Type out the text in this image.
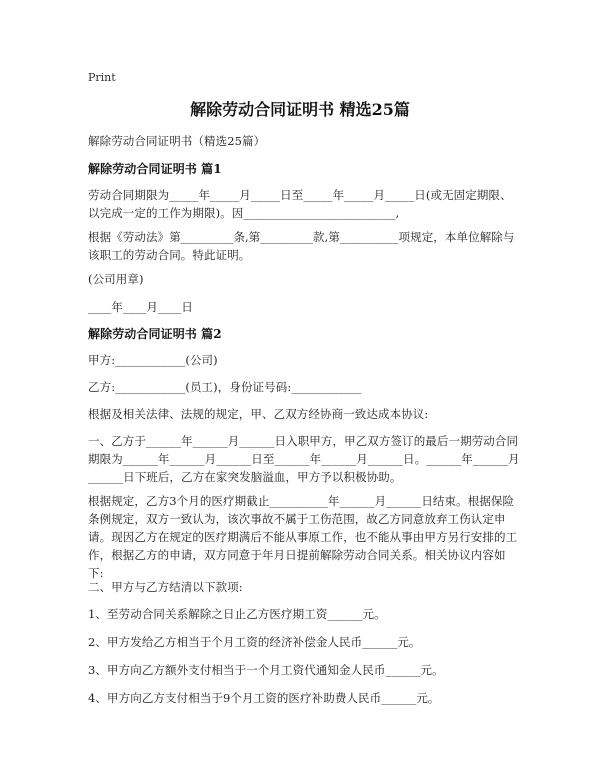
Print
解除劳动合同证明书 精选25篇

解除劳动合同证明书（精选25篇）

解除劳动合同证明书 篇1

劳动合同期限为_____年_____月_____日至_____年_____月_____日(或无固定期限、以完成一定的工作为期限)。因__________________________,

根据《劳动法》第_________条,第_________款,第__________项规定，本单位解除与该职工的劳动合同。特此证明。

(公司用章)
____年____月____日
解除劳动合同证明书 篇2
甲方:____________(公司)
乙方:____________(员工)，身份证号码:____________
根据及相关法律、法规的规定，甲、乙双方经协商一致达成本协议:

一、乙方于______年______月______日入职甲方，甲乙双方签订的最后一期劳动合同期限为______年______月______日至______年______月______日。______年______月______日下班后，乙方在家突发脑溢血，甲方予以积极协助。

根据规定，乙方3个月的医疗期截止__________年______月______日结束。根据保险条例规定，双方一致认为，该次事故不属于工伤范围，故乙方同意放弃工伤认定申请。现因乙方在规定的医疗期满后不能从事原工作，也不能从事由甲方另行安排的工作，根据乙方的申请，双方同意于年月日提前解除劳动合同关系。相关协议内容如下:

二、甲方与乙方结清以下款项:
1、至劳动合同关系解除之日止乙方医疗期工资______元。
2、甲方发给乙方相当于个月工资的经济补偿金人民币______元。
3、甲方向乙方额外支付相当于一个月工资代通知金人民币______元。
4、甲方向乙方支付相当于9个月工资的医疗补助费人民币______元。
